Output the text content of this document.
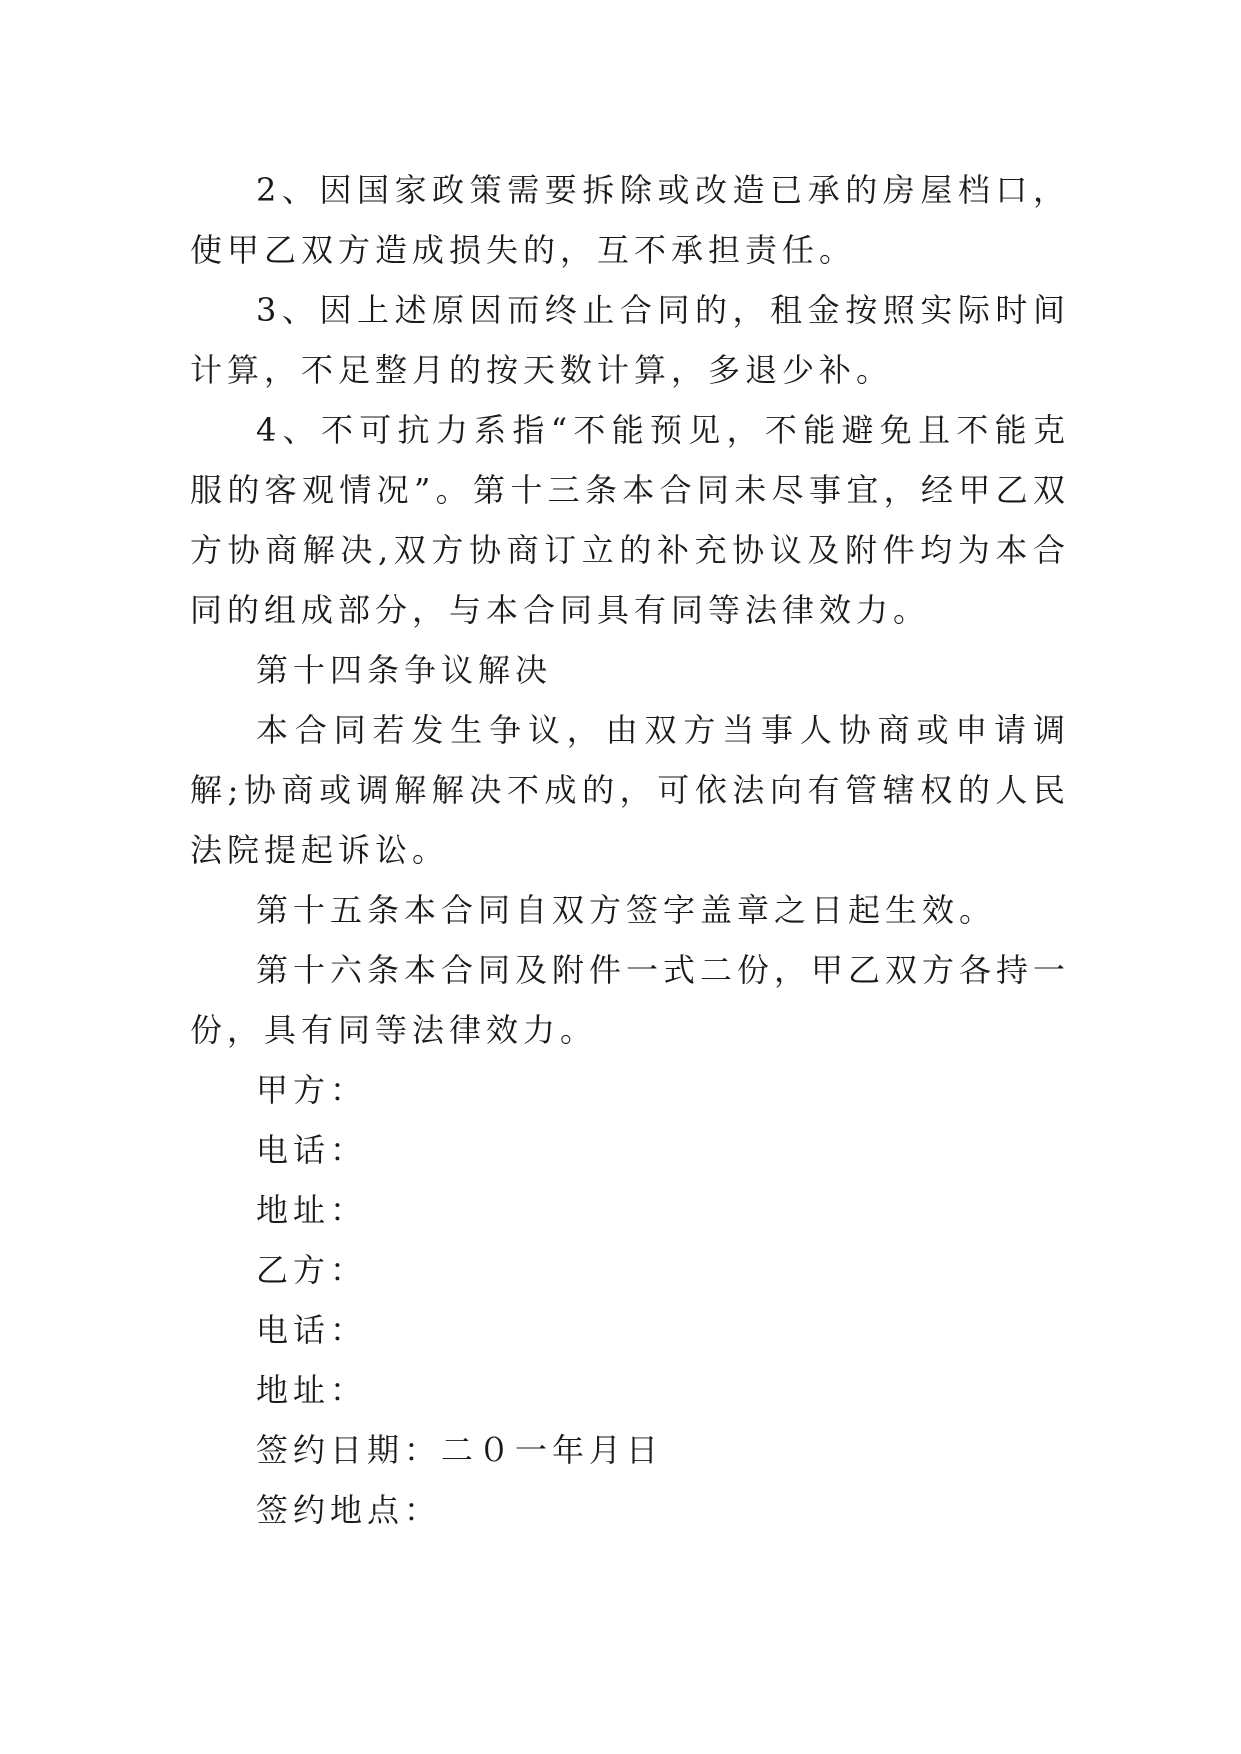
2、因国家政策需要拆除或改造已承的房屋档口，使甲乙双方造成损失的，互不承担责任。

3、因上述原因而终止合同的，租金按照实际时间计算，不足整月的按天数计算，多退少补。

4、不可抗力系指“不能预见，不能避免且不能克服的客观情况”。第十三条本合同未尽事宜，经甲乙双方协商解决,双方协商订立的补充协议及附件均为本合同的组成部分，与本合同具有同等法律效力。

第十四条争议解决

本合同若发生争议，由双方当事人协商或申请调解;协商或调解解决不成的，可依法向有管辖权的人民法院提起诉讼。

第十五条本合同自双方签字盖章之日起生效。

第十六条本合同及附件一式二份，甲乙双方各持一份，具有同等法律效力。

甲方：

电话：

地址：

乙方：

电话：

地址：

签约日期：二０一年月日

签约地点：
